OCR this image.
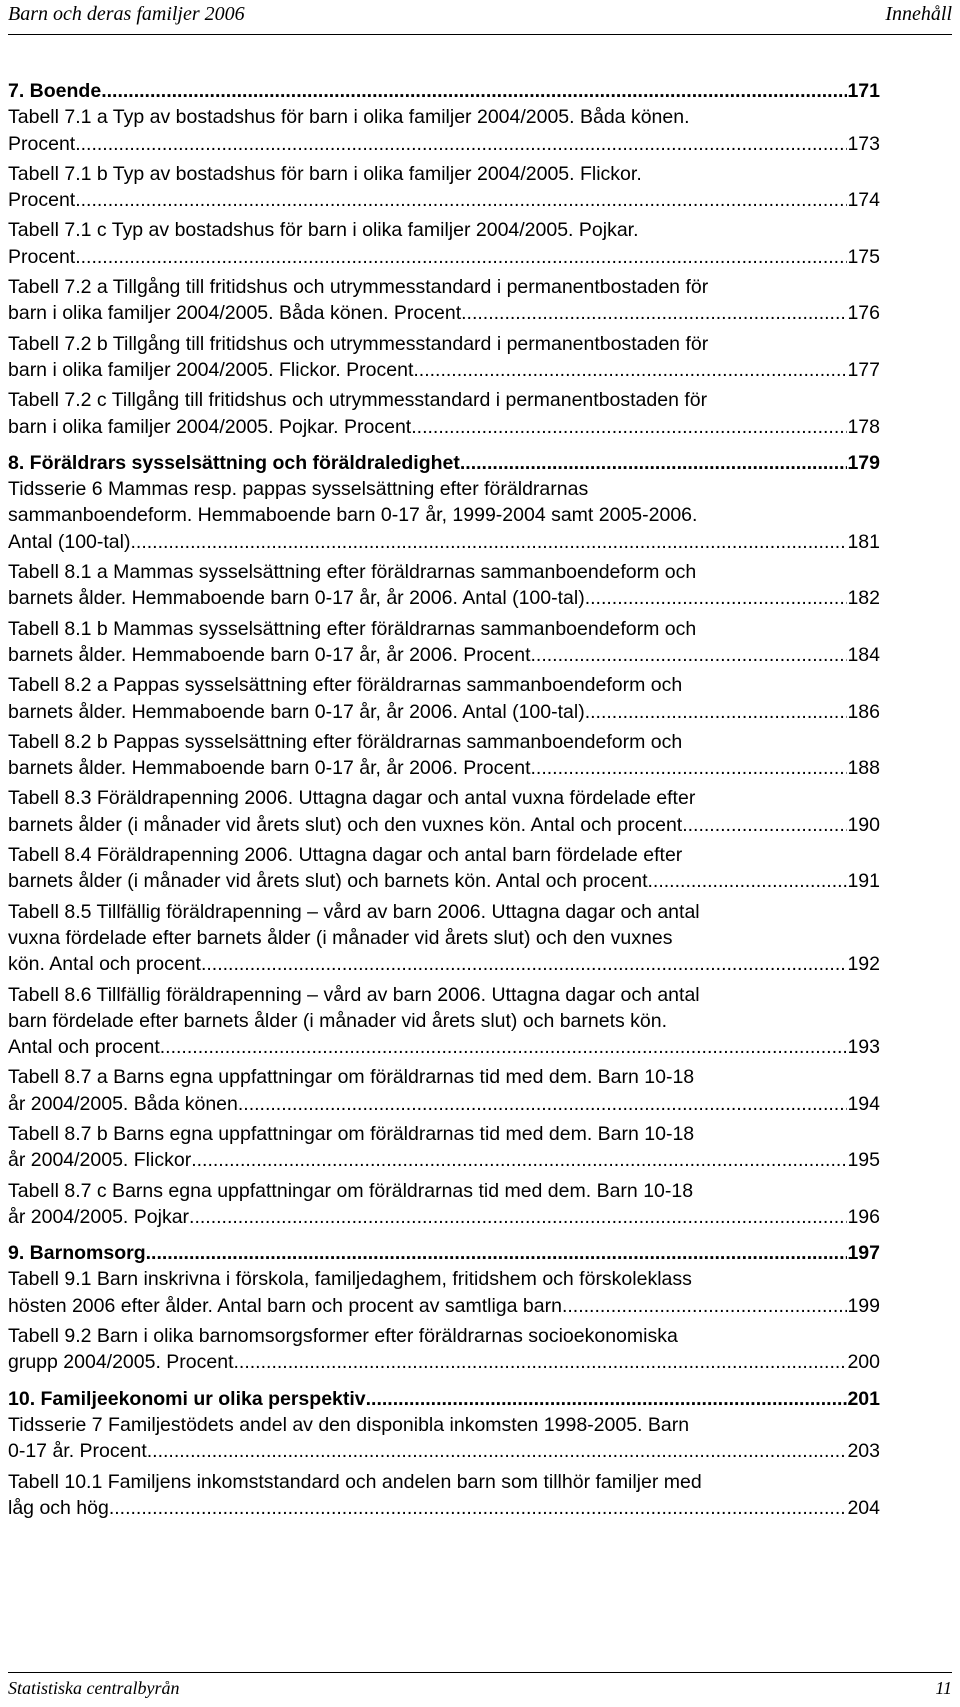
Barn och deras familjer 2006	Innehåll
7. Boende .....	171
Tabell 7.1 a Typ av bostadshus för barn i olika familjer 2004/2005. Båda könen.
Procent .....	173
Tabell 7.1 b Typ av bostadshus för barn i olika familjer 2004/2005. Flickor.
Procent .....	174
Tabell 7.1 c Typ av bostadshus för barn i olika familjer 2004/2005. Pojkar.
Procent .....	175
Tabell 7.2 a Tillgång till fritidshus och utrymmesstandard i permanentbostaden för
barn i olika familjer 2004/2005. Båda könen. Procent .....	176
Tabell 7.2 b Tillgång till fritidshus och utrymmesstandard i permanentbostaden för
barn i olika familjer 2004/2005. Flickor. Procent .....	177
Tabell 7.2 c Tillgång till fritidshus och utrymmesstandard i permanentbostaden för
barn i olika familjer 2004/2005. Pojkar. Procent .....	178
8. Föräldrars sysselsättning och föräldraledighet .....	179
Tidsserie 6 Mammas resp. pappas sysselsättning efter föräldrarnas
sammanboendeform. Hemmaboende barn 0-17 år, 1999-2004 samt 2005-2006.
Antal (100-tal) .....	181
Tabell 8.1 a Mammas sysselsättning efter föräldrarnas sammanboendeform och
barnets ålder. Hemmaboende barn 0-17 år, år 2006. Antal (100-tal) .....	182
Tabell 8.1 b Mammas sysselsättning efter föräldrarnas sammanboendeform och
barnets ålder. Hemmaboende barn 0-17 år, år 2006. Procent .....	184
Tabell 8.2 a Pappas sysselsättning efter föräldrarnas sammanboendeform och
barnets ålder. Hemmaboende barn 0-17 år, år 2006. Antal (100-tal) .....	186
Tabell 8.2 b Pappas sysselsättning efter föräldrarnas sammanboendeform och
barnets ålder. Hemmaboende barn 0-17 år, år 2006. Procent .....	188
Tabell 8.3 Föräldrapenning 2006. Uttagna dagar och antal vuxna fördelade efter
barnets ålder (i månader vid årets slut) och den vuxnes kön. Antal och procent .....	190
Tabell 8.4 Föräldrapenning 2006. Uttagna dagar och antal barn fördelade efter
barnets ålder (i månader vid årets slut) och barnets kön. Antal och procent .....	191
Tabell 8.5 Tillfällig föräldrapenning – vård av barn 2006. Uttagna dagar och antal
vuxna fördelade efter barnets ålder (i månader vid årets slut) och den vuxnes
kön. Antal och procent .....	192
Tabell 8.6 Tillfällig föräldrapenning – vård av barn 2006. Uttagna dagar och antal
barn fördelade efter barnets ålder (i månader vid årets slut) och barnets kön.
Antal och procent .....	193
Tabell 8.7 a Barns egna uppfattningar om föräldrarnas tid med dem. Barn 10-18
år 2004/2005. Båda könen .....	194
Tabell 8.7 b Barns egna uppfattningar om föräldrarnas tid med dem. Barn 10-18
år 2004/2005. Flickor .....	195
Tabell 8.7 c Barns egna uppfattningar om föräldrarnas tid med dem. Barn 10-18
år 2004/2005. Pojkar .....	196
9. Barnomsorg .....	197
Tabell 9.1 Barn inskrivna i förskola, familjedaghem, fritidshem och förskoleklass
hösten 2006 efter ålder. Antal barn och procent av samtliga barn .....	199
Tabell 9.2 Barn i olika barnomsorgsformer efter föräldrarnas socioekonomiska
grupp 2004/2005. Procent .....	200
10. Familjeekonomi ur olika perspektiv .....	201
Tidsserie 7 Familjestödets andel av den disponibla inkomsten 1998-2005. Barn
0-17 år. Procent .....	203
Tabell 10.1 Familjens inkomststandard och andelen barn som tillhör familjer med
låg och hög .....	204
Statistiska centralbyrån	11
